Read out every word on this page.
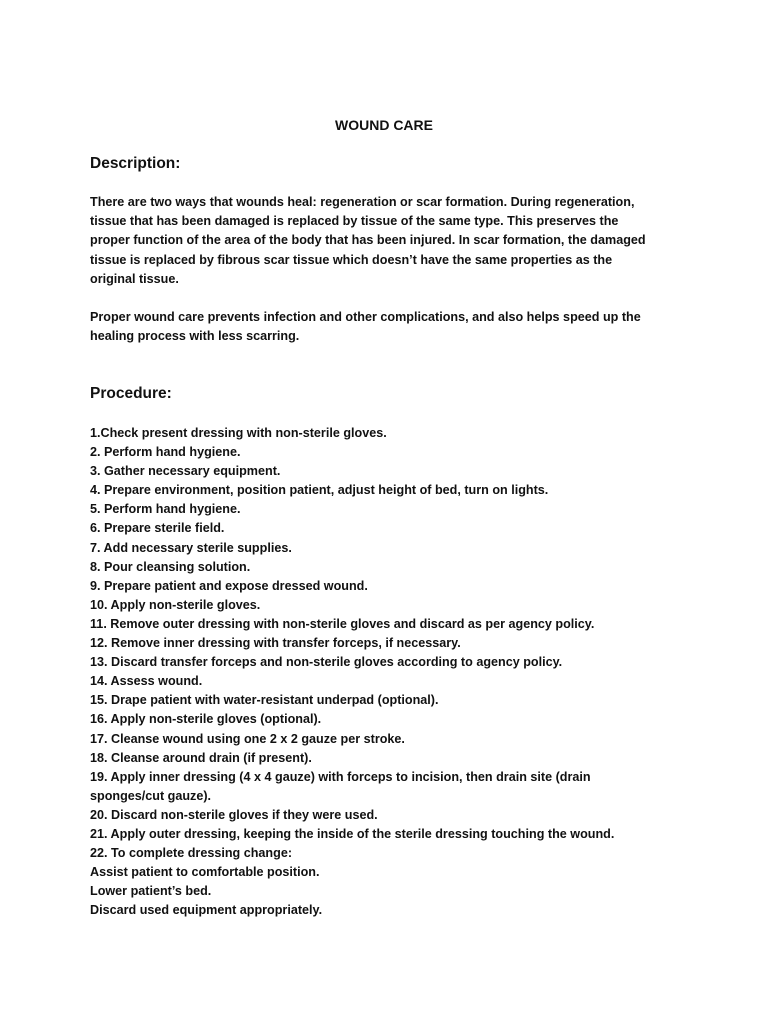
WOUND CARE
Description:
There are two ways that wounds heal: regeneration or scar formation. During regeneration,
tissue that has been damaged is replaced by tissue of the same type. This preserves the
proper function of the area of the body that has been injured. In scar formation, the damaged
tissue is replaced by fibrous scar tissue which doesn’t have the same properties as the
original tissue.
Proper wound care prevents infection and other complications, and also helps speed up the
healing process with less scarring.
Procedure:
1.Check present dressing with non-sterile gloves.
2. Perform hand hygiene.
3. Gather necessary equipment.
4. Prepare environment, position patient, adjust height of bed, turn on lights.
5. Perform hand hygiene.
6. Prepare sterile field.
7. Add necessary sterile supplies.
8. Pour cleansing solution.
9. Prepare patient and expose dressed wound.
10. Apply non-sterile gloves.
11. Remove outer dressing with non-sterile gloves and discard as per agency policy.
12. Remove inner dressing with transfer forceps, if necessary.
13. Discard transfer forceps and non-sterile gloves according to agency policy.
14. Assess wound.
15. Drape patient with water-resistant underpad (optional).
16. Apply non-sterile gloves (optional).
17. Cleanse wound using one 2 x 2 gauze per stroke.
18. Cleanse around drain (if present).
19. Apply inner dressing (4 x 4 gauze) with forceps to incision, then drain site (drain
sponges/cut gauze).
20. Discard non-sterile gloves if they were used.
21. Apply outer dressing, keeping the inside of the sterile dressing touching the wound.
22. To complete dressing change:
Assist patient to comfortable position.
Lower patient’s bed.
Discard used equipment appropriately.
